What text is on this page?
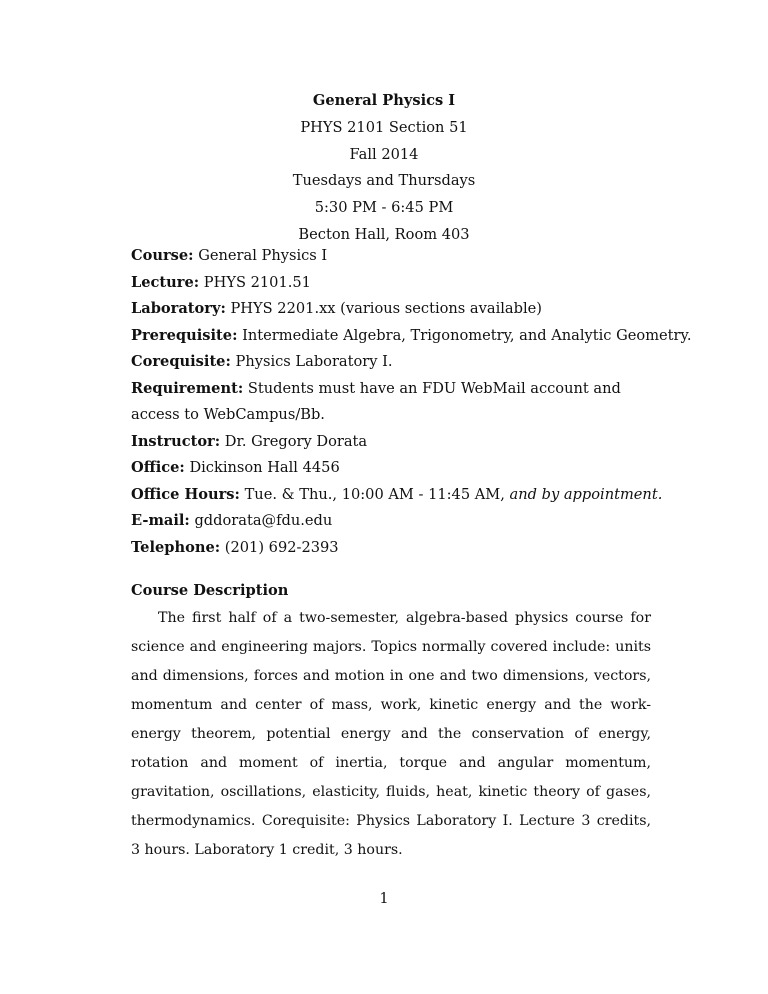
General Physics I
PHYS 2101 Section 51
Fall 2014
Tuesdays and Thursdays
5:30 PM - 6:45 PM
Becton Hall, Room 403
Course: General Physics I
Lecture: PHYS 2101.51
Laboratory: PHYS 2201.xx (various sections available)
Prerequisite: Intermediate Algebra, Trigonometry, and Analytic Geometry.
Corequisite: Physics Laboratory I.
Requirement: Students must have an FDU WebMail account and access to WebCampus/Bb.
Instructor: Dr. Gregory Dorata
Office: Dickinson Hall 4456
Office Hours: Tue. & Thu., 10:00 AM - 11:45 AM, and by appointment.
E-mail: gddorata@fdu.edu
Telephone: (201) 692-2393
Course Description

The first half of a two-semester, algebra-based physics course for science and engineering majors. Topics normally covered include: units and dimensions, forces and motion in one and two dimensions, vectors, momentum and center of mass, work, kinetic energy and the work-energy theorem, potential energy and the conservation of energy, rotation and moment of inertia, torque and angular momentum, gravitation, oscillations, elasticity, fluids, heat, kinetic theory of gases, thermodynamics. Corequisite: Physics Laboratory I. Lecture 3 credits, 3 hours. Laboratory 1 credit, 3 hours.

1
